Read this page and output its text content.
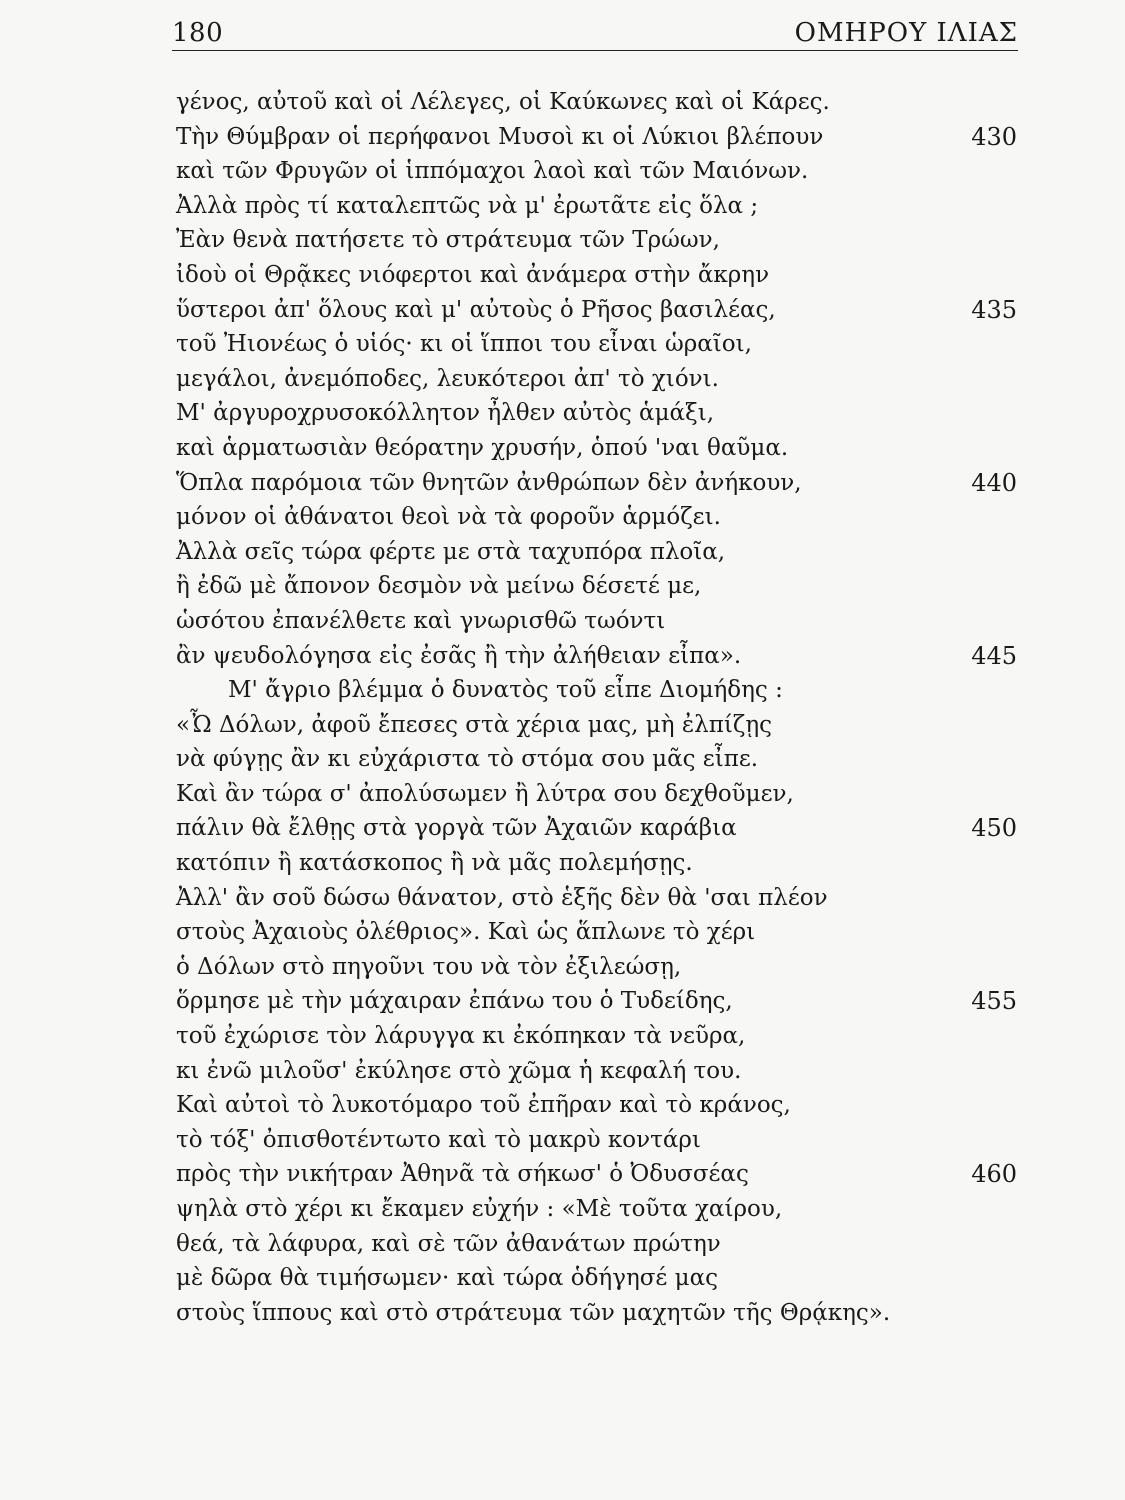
180	ΟΜΗΡΟΥ ΙΛΙΑΣ
γένος, αὐτοῦ καὶ οἱ Λέλεγες, οἱ Καύκωνες καὶ οἱ Κάρες.
Τὴν Θύμβραν οἱ περήφανοι Μυσοὶ κι οἱ Λύκιοι βλέπουν	430
καὶ τῶν Φρυγῶν οἱ ἱππόμαχοι λαοὶ καὶ τῶν Μαιόνων.
Ἀλλὰ πρὸς τί καταλεπτῶς νὰ μ' ἐρωτᾶτε εἰς ὅλα ;
Ἐὰν θενὰ πατήσετε τὸ στράτευμα τῶν Τρώων,
ἰδοὺ οἱ Θρᾷκες νιόφερτοι καὶ ἀνάμερα στὴν ἄκρην
ὕστεροι ἀπ' ὅλους καὶ μ' αὐτοὺς ὁ Ρῆσος βασιλέας,	435
τοῦ Ἠιονέως ὁ υἱός· κι οἱ ἵπποι του εἶναι ὡραῖοι,
μεγάλοι, ἀνεμόποδες, λευκότεροι ἀπ' τὸ χιόνι.
Μ' ἀργυροχρυσοκόλλητον ἦλθεν αὐτὸς ἁμάξι,
καὶ ἁρματωσιὰν θεόρατην χρυσήν, ὁπού 'ναι θαῦμα.
Ὅπλα παρόμοια τῶν θνητῶν ἀνθρώπων δὲν ἀνήκουν,	440
μόνον οἱ ἀθάνατοι θεοὶ νὰ τὰ φοροῦν ἁρμόζει.
Ἀλλὰ σεῖς τώρα φέρτε με στὰ ταχυπόρα πλοῖα,
ἢ ἐδῶ μὲ ἄπονον δεσμὸν νὰ μείνω δέσετέ με,
ὡσότου ἐπανέλθετε καὶ γνωρισθῶ τωόντι
ἂν ψευδολόγησα εἰς ἐσᾶς ἢ τὴν ἀλήθειαν εἶπα».	445
Μ' ἄγριο βλέμμα ὁ δυνατὸς τοῦ εἶπε Διομήδης :
«Ὦ Δόλων, ἀφοῦ ἔπεσες στὰ χέρια μας, μὴ ἐλπίζῃς
νὰ φύγῃς ἂν κι εὐχάριστα τὸ στόμα σου μᾶς εἶπε.
Καὶ ἂν τώρα σ' ἀπολύσωμεν ἢ λύτρα σου δεχθοῦμεν,
πάλιν θὰ ἔλθῃς στὰ γοργὰ τῶν Ἀχαιῶν καράβια	450
κατόπιν ἢ κατάσκοπος ἢ νὰ μᾶς πολεμήσῃς.
Ἀλλ' ἂν σοῦ δώσω θάνατον, στὸ ἑξῆς δὲν θὰ 'σαι πλέον
στοὺς Ἀχαιοὺς ὀλέθριος». Καὶ ὡς ἅπλωνε τὸ χέρι
ὁ Δόλων στὸ πηγοῦνι του νὰ τὸν ἐξιλεώσῃ,
ὅρμησε μὲ τὴν μάχαιραν ἐπάνω του ὁ Τυδείδης,	455
τοῦ ἐχώρισε τὸν λάρυγγα κι ἐκόπηκαν τὰ νεῦρα,
κι ἐνῶ μιλοῦσ' ἐκύλησε στὸ χῶμα ἡ κεφαλή του.
Καὶ αὐτοὶ τὸ λυκοτόμαρο τοῦ ἐπῆραν καὶ τὸ κράνος,
τὸ τόξ' ὀπισθοτέντωτο καὶ τὸ μακρὺ κοντάρι
πρὸς τὴν νικήτραν Ἀθηνᾶ τὰ σήκωσ' ὁ Ὀδυσσέας	460
ψηλὰ στὸ χέρι κι ἔκαμεν εὐχήν : «Μὲ τοῦτα χαίρου,
θεά, τὰ λάφυρα, καὶ σὲ τῶν ἀθανάτων πρώτην
μὲ δῶρα θὰ τιμήσωμεν· καὶ τώρα ὁδήγησέ μας
στοὺς ἵππους καὶ στὸ στράτευμα τῶν μαχητῶν τῆς Θρᾴκης».
